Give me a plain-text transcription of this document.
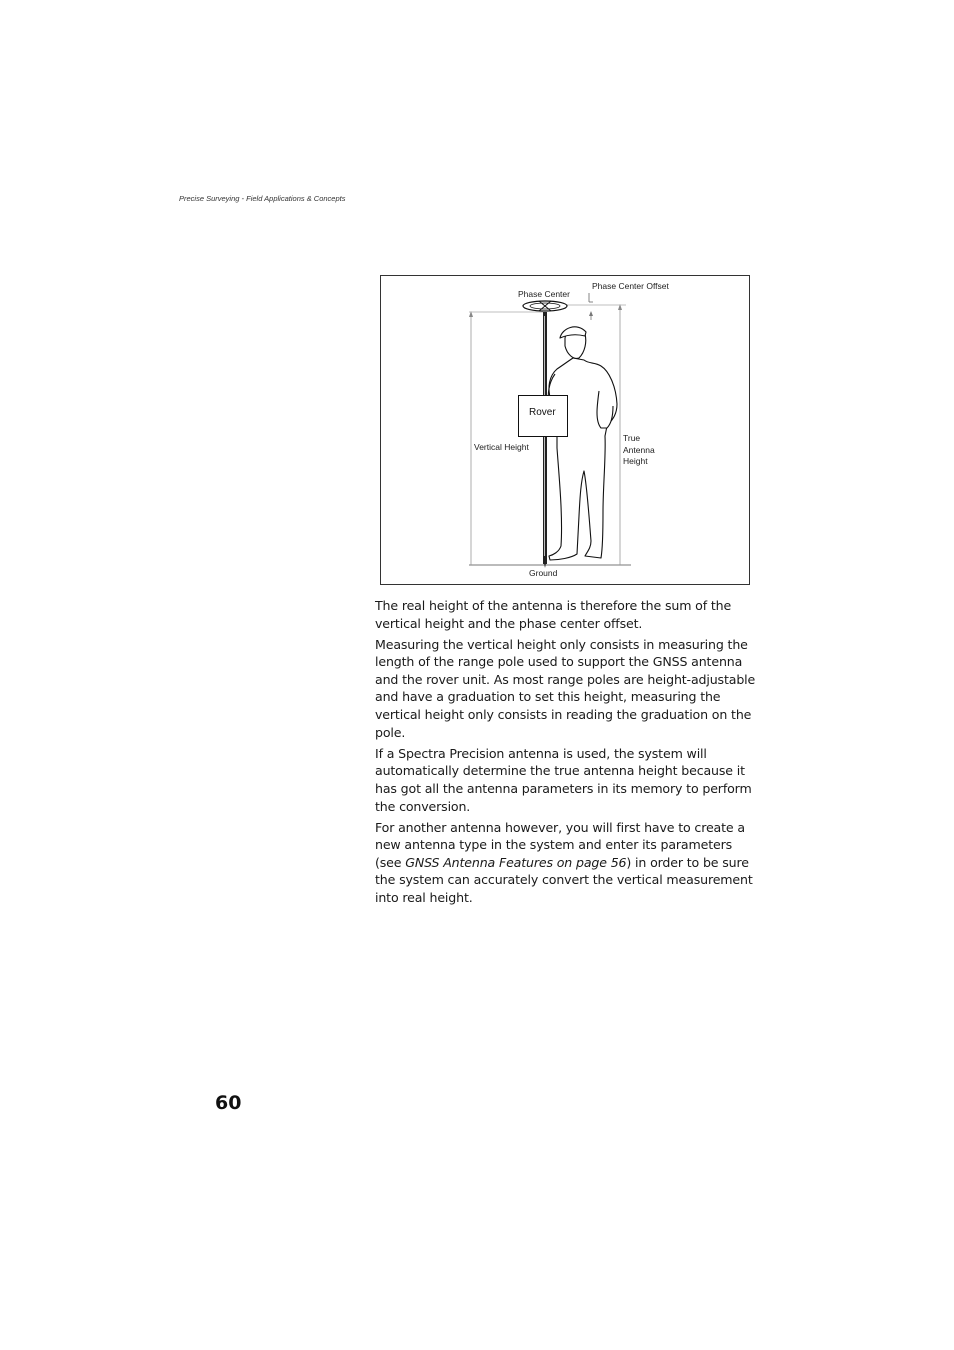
Precise Surveying - Field Applications & Concepts
Phase Center
Phase Center Offset
Rover
Vertical Height
True
Antenna
Height
Ground

The real height of the antenna is therefore the sum of the vertical height and the phase center offset.

Measuring the vertical height only consists in measuring the length of the range pole used to support the GNSS antenna and the rover unit. As most range poles are height-adjustable and have a graduation to set this height, measuring the vertical height only consists in reading the graduation on the pole.

If a Spectra Precision antenna is used, the system will automatically determine the true antenna height because it has got all the antenna parameters in its memory to perform the conversion.

For another antenna however, you will first have to create a new antenna type in the system and enter its parameters (see GNSS Antenna Features on page 56) in order to be sure the system can accurately convert the vertical measurement into real height.

60
